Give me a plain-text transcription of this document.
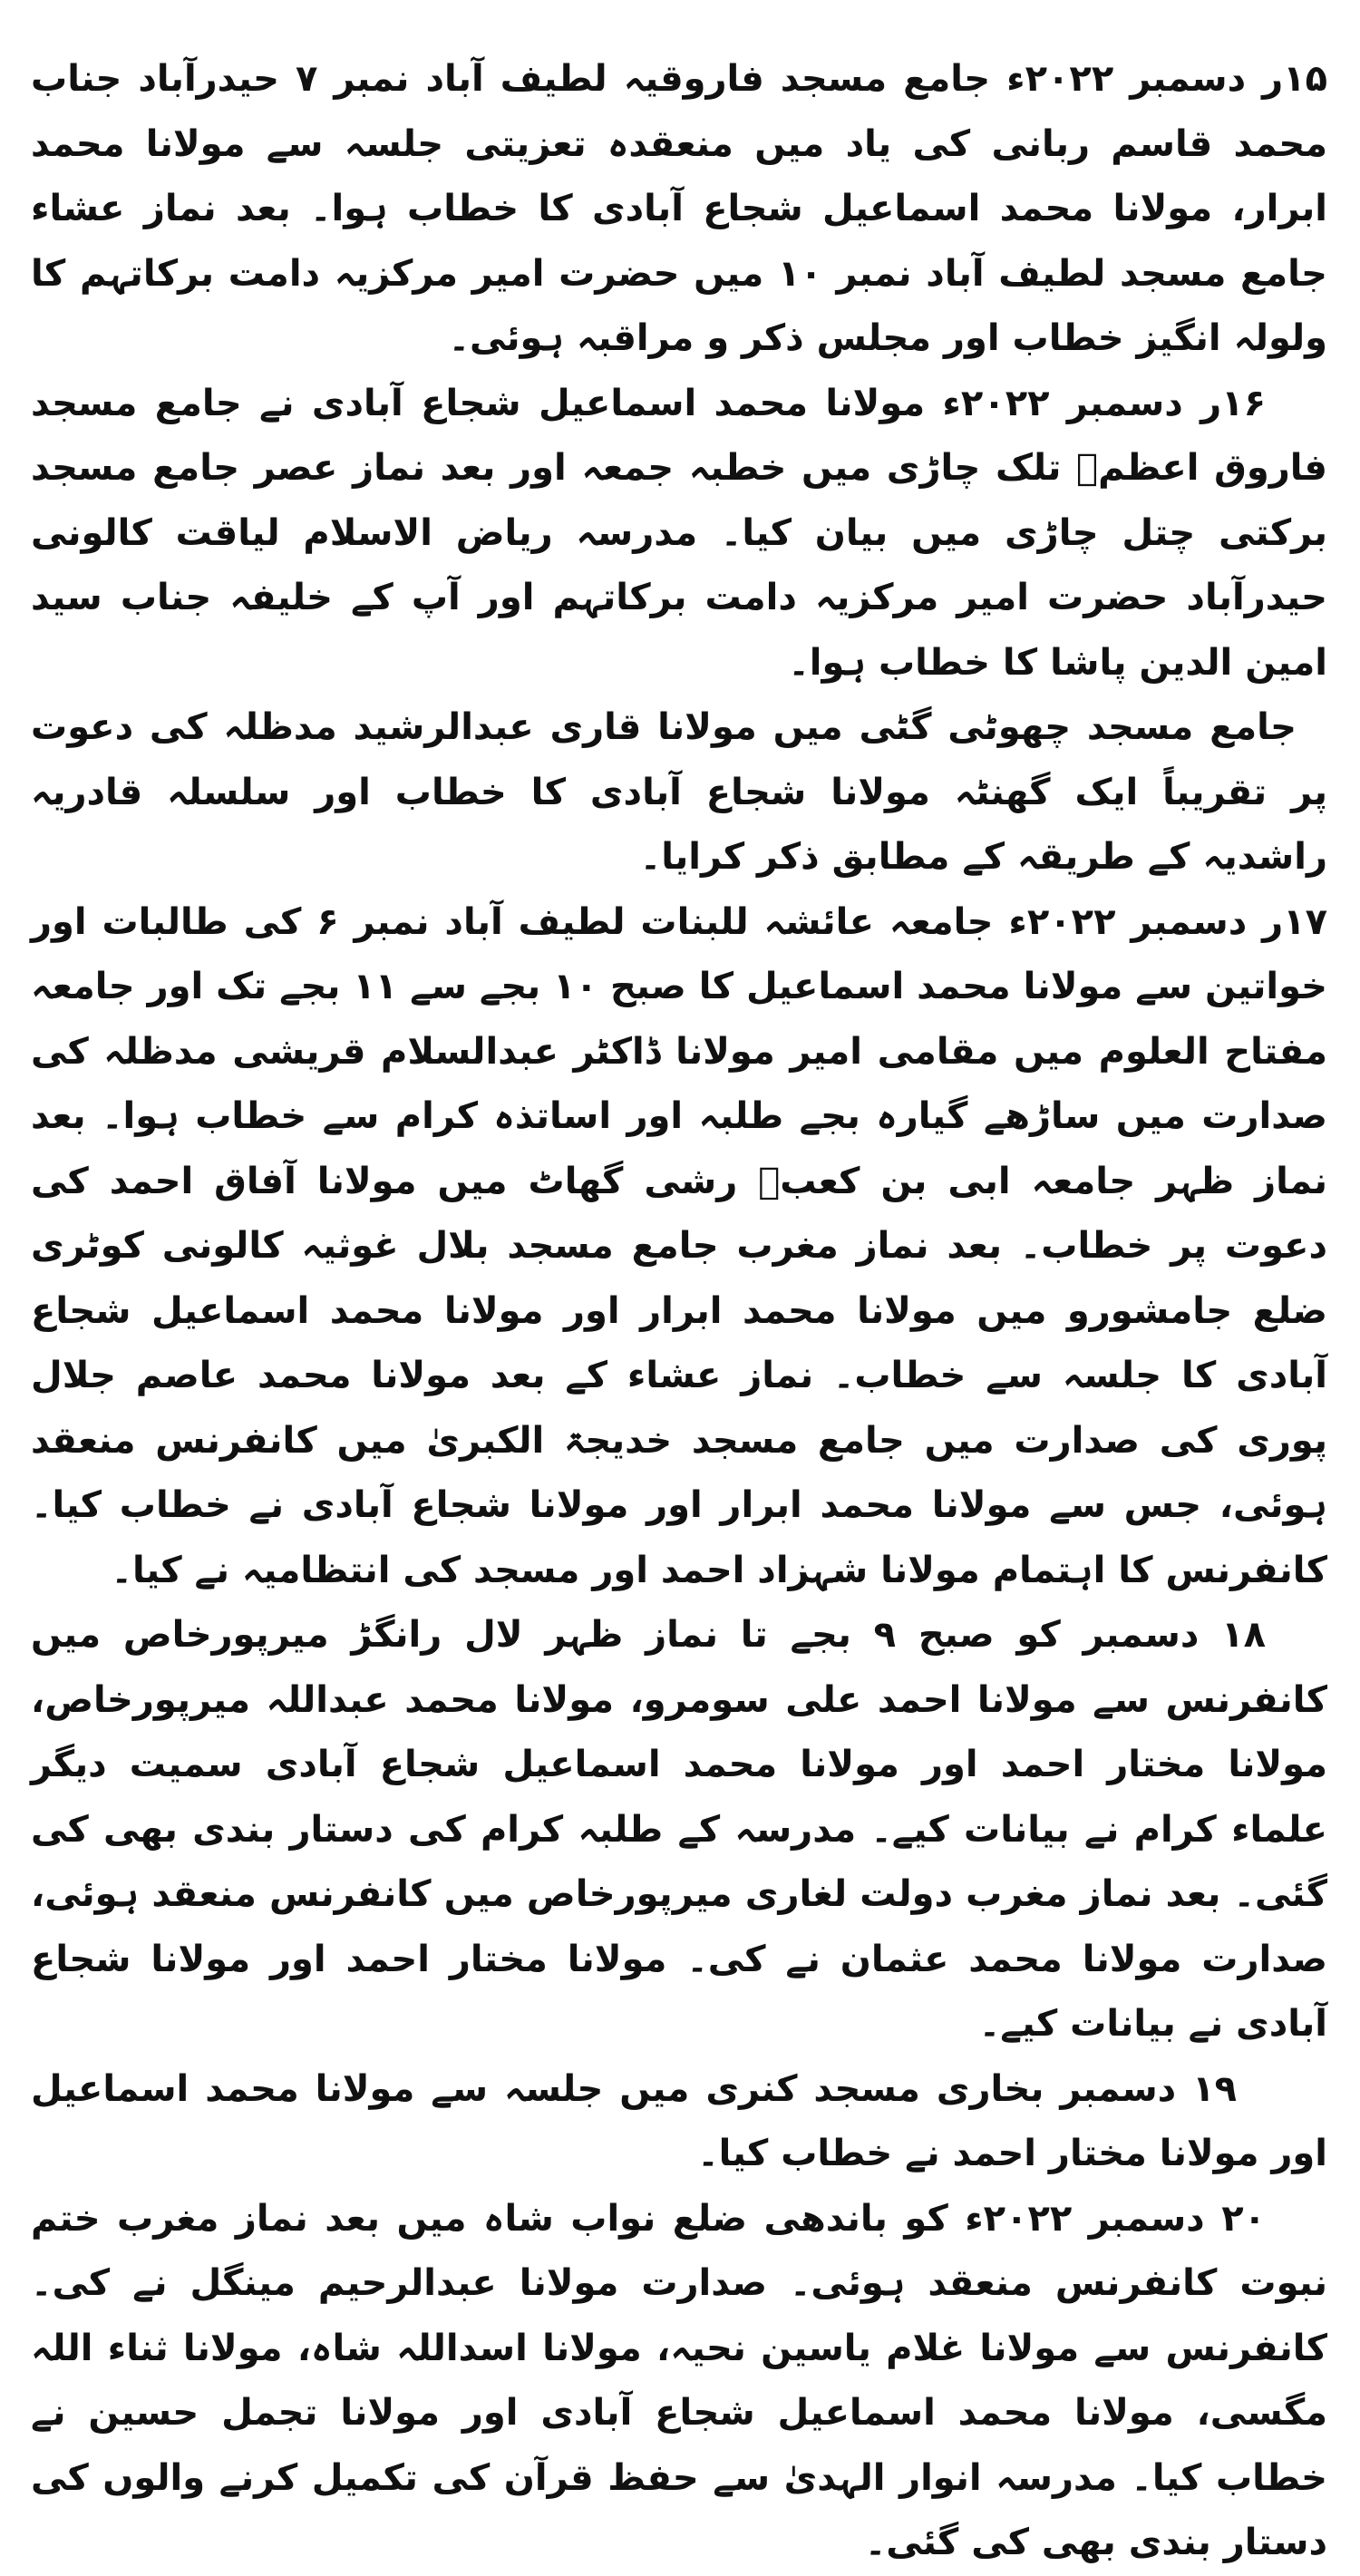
۱۵ر دسمبر ۲۰۲۲ء جامع مسجد فاروقیہ لطیف آباد نمبر ۷ حیدرآباد جناب محمد قاسم ربانی کی یاد میں منعقدہ تعزیتی جلسہ سے مولانا محمد ابرار، مولانا محمد اسماعیل شجاع آبادی کا خطاب ہوا۔ بعد نماز عشاء جامع مسجد لطیف آباد نمبر ۱۰ میں حضرت امیر مرکزیہ دامت برکاتہم کا ولولہ انگیز خطاب اور مجلس ذکر و مراقبہ ہوئی۔

۱۶ر دسمبر ۲۰۲۲ء مولانا محمد اسماعیل شجاع آبادی نے جامع مسجد فاروق اعظمؓ تلک چاڑی میں خطبہ جمعہ اور بعد نماز عصر جامع مسجد برکتی چتل چاڑی میں بیان کیا۔ مدرسہ ریاض الاسلام لیاقت کالونی حیدرآباد حضرت امیر مرکزیہ دامت برکاتہم اور آپ کے خلیفہ جناب سید امین الدین پاشا کا خطاب ہوا۔

جامع مسجد چھوٹی گٹی میں مولانا قاری عبدالرشید مدظلہ کی دعوت پر تقریباً ایک گھنٹہ مولانا شجاع آبادی کا خطاب اور سلسلہ قادریہ راشدیہ کے طریقہ کے مطابق ذکر کرایا۔

۱۷ر دسمبر ۲۰۲۲ء جامعہ عائشہ للبنات لطیف آباد نمبر ۶ کی طالبات اور خواتین سے مولانا محمد اسماعیل کا صبح ۱۰ بجے سے ۱۱ بجے تک اور جامعہ مفتاح العلوم میں مقامی امیر مولانا ڈاکٹر عبدالسلام قریشی مدظلہ کی صدارت میں ساڑھے گیارہ بجے طلبہ اور اساتذہ کرام سے خطاب ہوا۔ بعد نماز ظہر جامعہ ابی بن کعبؓ رشی گھاٹ میں مولانا آفاق احمد کی دعوت پر خطاب۔ بعد نماز مغرب جامع مسجد بلال غوثیہ کالونی کوٹری ضلع جامشورو میں مولانا محمد ابرار اور مولانا محمد اسماعیل شجاع آبادی کا جلسہ سے خطاب۔ نماز عشاء کے بعد مولانا محمد عاصم جلال پوری کی صدارت میں جامع مسجد خدیجۃ الکبریٰ میں کانفرنس منعقد ہوئی، جس سے مولانا محمد ابرار اور مولانا شجاع آبادی نے خطاب کیا۔ کانفرنس کا اہتمام مولانا شہزاد احمد اور مسجد کی انتظامیہ نے کیا۔

۱۸ دسمبر کو صبح ۹ بجے تا نماز ظہر لال رانگڑ میرپورخاص میں کانفرنس سے مولانا احمد علی سومرو، مولانا محمد عبداللہ میرپورخاص، مولانا مختار احمد اور مولانا محمد اسماعیل شجاع آبادی سمیت دیگر علماء کرام نے بیانات کیے۔ مدرسہ کے طلبہ کرام کی دستار بندی بھی کی گئی۔ بعد نماز مغرب دولت لغاری میرپورخاص میں کانفرنس منعقد ہوئی، صدارت مولانا محمد عثمان نے کی۔ مولانا مختار احمد اور مولانا شجاع آبادی نے بیانات کیے۔

۱۹ دسمبر بخاری مسجد کنری میں جلسہ سے مولانا محمد اسماعیل اور مولانا مختار احمد نے خطاب کیا۔

۲۰ دسمبر ۲۰۲۲ء کو باندھی ضلع نواب شاہ میں بعد نماز مغرب ختم نبوت کانفرنس منعقد ہوئی۔ صدارت مولانا عبدالرحیم مینگل نے کی۔ کانفرنس سے مولانا غلام یاسین نحیہ، مولانا اسداللہ شاہ، مولانا ثناء اللہ مگسی، مولانا محمد اسماعیل شجاع آبادی اور مولانا تجمل حسین نے خطاب کیا۔ مدرسہ انوار الہدیٰ سے حفظ قرآن کی تکمیل کرنے والوں کی دستار بندی بھی کی گئی۔
